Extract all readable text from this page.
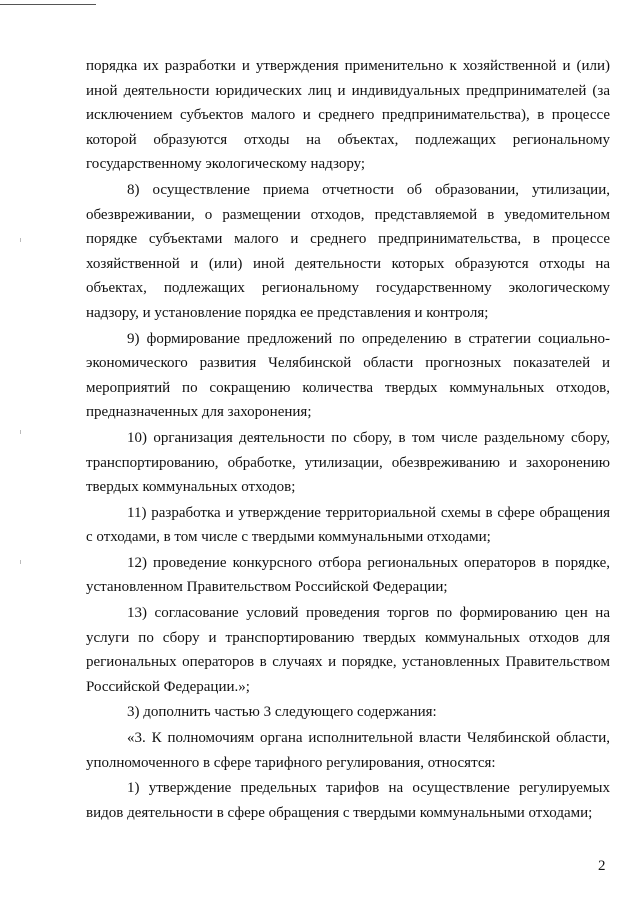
порядка их разработки и утверждения применительно к хозяйственной и (или) иной деятельности юридических лиц и индивидуальных предпринимателей (за исключением субъектов малого и среднего предпринимательства), в процессе которой образуются отходы на объектах, подлежащих региональному государственному экологическому надзору;

8) осуществление приема отчетности об образовании, утилизации, обезвреживании, о размещении отходов, представляемой в уведомительном порядке субъектами малого и среднего предпринимательства, в процессе хозяйственной и (или) иной деятельности которых образуются отходы на объектах, подлежащих региональному государственному экологическому надзору, и установление порядка ее представления и контроля;

9) формирование предложений по определению в стратегии социально-экономического развития Челябинской области прогнозных показателей и мероприятий по сокращению количества твердых коммунальных отходов, предназначенных для захоронения;

10) организация деятельности по сбору, в том числе раздельному сбору, транспортированию, обработке, утилизации, обезвреживанию и захоронению твердых коммунальных отходов;

11) разработка и утверждение территориальной схемы в сфере обращения с отходами, в том числе с твердыми коммунальными отходами;

12) проведение конкурсного отбора региональных операторов в порядке, установленном Правительством Российской Федерации;

13) согласование условий проведения торгов по формированию цен на услуги по сбору и транспортированию твердых коммунальных отходов для региональных операторов в случаях и порядке, установленных Правительством Российской Федерации.»;

3) дополнить частью 3 следующего содержания:

«3. К полномочиям органа исполнительной власти Челябинской области, уполномоченного в сфере тарифного регулирования, относятся:

1) утверждение предельных тарифов на осуществление регулируемых видов деятельности в сфере обращения с твердыми коммунальными отходами;

2
